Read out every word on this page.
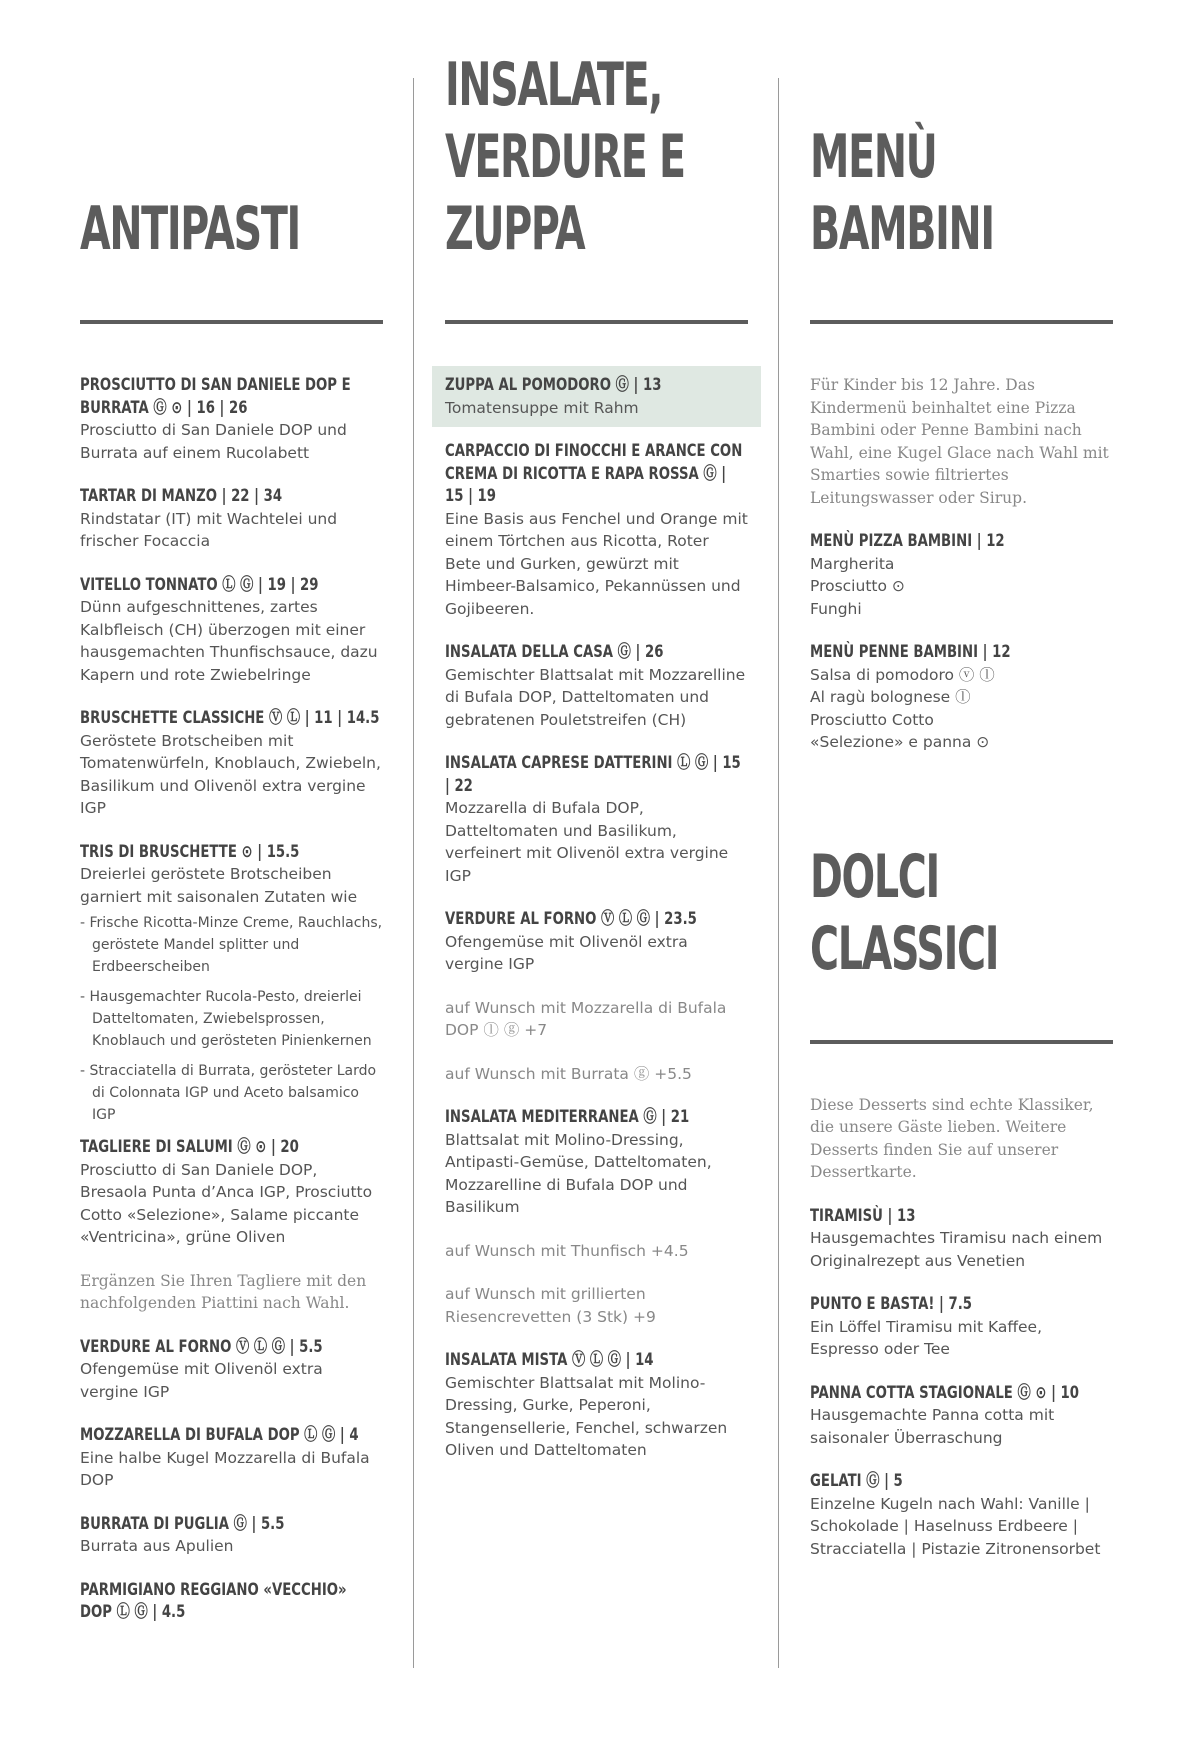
ANTIPASTI
PROSCIUTTO DI SAN DANIELE DOP E BURRATA Ⓖ ⊙ | 16 | 26
Prosciutto di San Daniele DOP und Burrata auf einem Rucolabett
TARTAR DI MANZO | 22 | 34
Rindstatar (IT) mit Wachtelei und frischer Focaccia
VITELLO TONNATO Ⓛ Ⓖ | 19 | 29
Dünn aufgeschnittenes, zartes Kalbfleisch (CH) überzogen mit einer hausgemachten Thunfischsauce, dazu Kapern und rote Zwiebelringe
BRUSCHETTE CLASSICHE Ⓥ Ⓛ | 11 | 14.5
Geröstete Brotscheiben mit Tomatenwürfeln, Knoblauch, Zwiebeln, Basilikum und Olivenöl extra vergine IGP
TRIS DI BRUSCHETTE ⊙ | 15.5
Dreierlei geröstete Brotscheiben garniert mit saisonalen Zutaten wie
- Frische Ricotta-Minze Creme, Rauchlachs, geröstete Mandel splitter und Erdbeerscheiben
- Hausgemachter Rucola-Pesto, dreierlei Datteltomaten, Zwiebelsprossen, Knoblauch und gerösteten Pinienkernen
- Stracciatella di Burrata, gerösteter Lardo di Colonnata IGP und Aceto balsamico IGP
TAGLIERE DI SALUMI Ⓖ ⊙ | 20
Prosciutto di San Daniele DOP, Bresaola Punta d’Anca IGP, Prosciutto Cotto «Selezione», Salame piccante «Ventricina», grüne Oliven
Ergänzen Sie Ihren Tagliere mit den nachfolgenden Piattini nach Wahl.
VERDURE AL FORNO Ⓥ Ⓛ Ⓖ | 5.5
Ofengemüse mit Olivenöl extra vergine IGP
MOZZARELLA DI BUFALA DOP Ⓛ Ⓖ | 4
Eine halbe Kugel Mozzarella di Bufala DOP
BURRATA DI PUGLIA Ⓖ | 5.5
Burrata aus Apulien
PARMIGIANO REGGIANO «VECCHIO» DOP Ⓛ Ⓖ | 4.5
INSALATE,
VERDURE E
ZUPPA
ZUPPA AL POMODORO Ⓖ | 13
Tomatensuppe mit Rahm
CARPACCIO DI FINOCCHI E ARANCE CON CREMA DI RICOTTA E RAPA ROSSA Ⓖ | 15 | 19
Eine Basis aus Fenchel und Orange mit einem Törtchen aus Ricotta, Roter Bete und Gurken, gewürzt mit Himbeer-Balsamico, Pekannüssen und Gojibeeren.
INSALATA DELLA CASA Ⓖ | 26
Gemischter Blattsalat mit Mozzarelline di Bufala DOP, Datteltomaten und gebratenen Pouletstreifen (CH)
INSALATA CAPRESE DATTERINI Ⓛ Ⓖ | 15 | 22
Mozzarella di Bufala DOP, Datteltomaten und Basilikum, verfeinert mit Olivenöl extra vergine IGP
VERDURE AL FORNO Ⓥ Ⓛ Ⓖ | 23.5
Ofengemüse mit Olivenöl extra vergine IGP
auf Wunsch mit Mozzarella di Bufala DOP ⓛ ⓖ +7
auf Wunsch mit Burrata ⓖ +5.5
INSALATA MEDITERRANEA Ⓖ | 21
Blattsalat mit Molino-Dressing, Antipasti-Gemüse, Datteltomaten, Mozzarelline di Bufala DOP und Basilikum
auf Wunsch mit Thunfisch +4.5
auf Wunsch mit grillierten Riesencrevetten (3 Stk) +9
INSALATA MISTA Ⓥ Ⓛ Ⓖ | 14
Gemischter Blattsalat mit Molino-Dressing, Gurke, Peperoni, Stangensellerie, Fenchel, schwarzen Oliven und Datteltomaten
MENÙ
BAMBINI
Für Kinder bis 12 Jahre. Das Kindermenü beinhaltet eine Pizza Bambini oder Penne Bambini nach Wahl, eine Kugel Glace nach Wahl mit Smarties sowie filtriertes Leitungswasser oder Sirup.
MENÙ PIZZA BAMBINI | 12
Margherita
Prosciutto ⊙
Funghi
MENÙ PENNE BAMBINI | 12
Salsa di pomodoro ⓥ ⓛ
Al ragù bolognese ⓛ
Prosciutto Cotto
«Selezione» e panna ⊙
DOLCI
CLASSICI
Diese Desserts sind echte Klassiker, die unsere Gäste lieben. Weitere Desserts finden Sie auf unserer Dessertkarte.
TIRAMISÙ | 13
Hausgemachtes Tiramisu nach einem Originalrezept aus Venetien
PUNTO E BASTA! | 7.5
Ein Löffel Tiramisu mit Kaffee, Espresso oder Tee
PANNA COTTA STAGIONALE Ⓖ ⊙ | 10
Hausgemachte Panna cotta mit saisonaler Überraschung
GELATI Ⓖ | 5
Einzelne Kugeln nach Wahl: Vanille | Schokolade | Haselnuss Erdbeere | Stracciatella | Pistazie Zitronensorbet
